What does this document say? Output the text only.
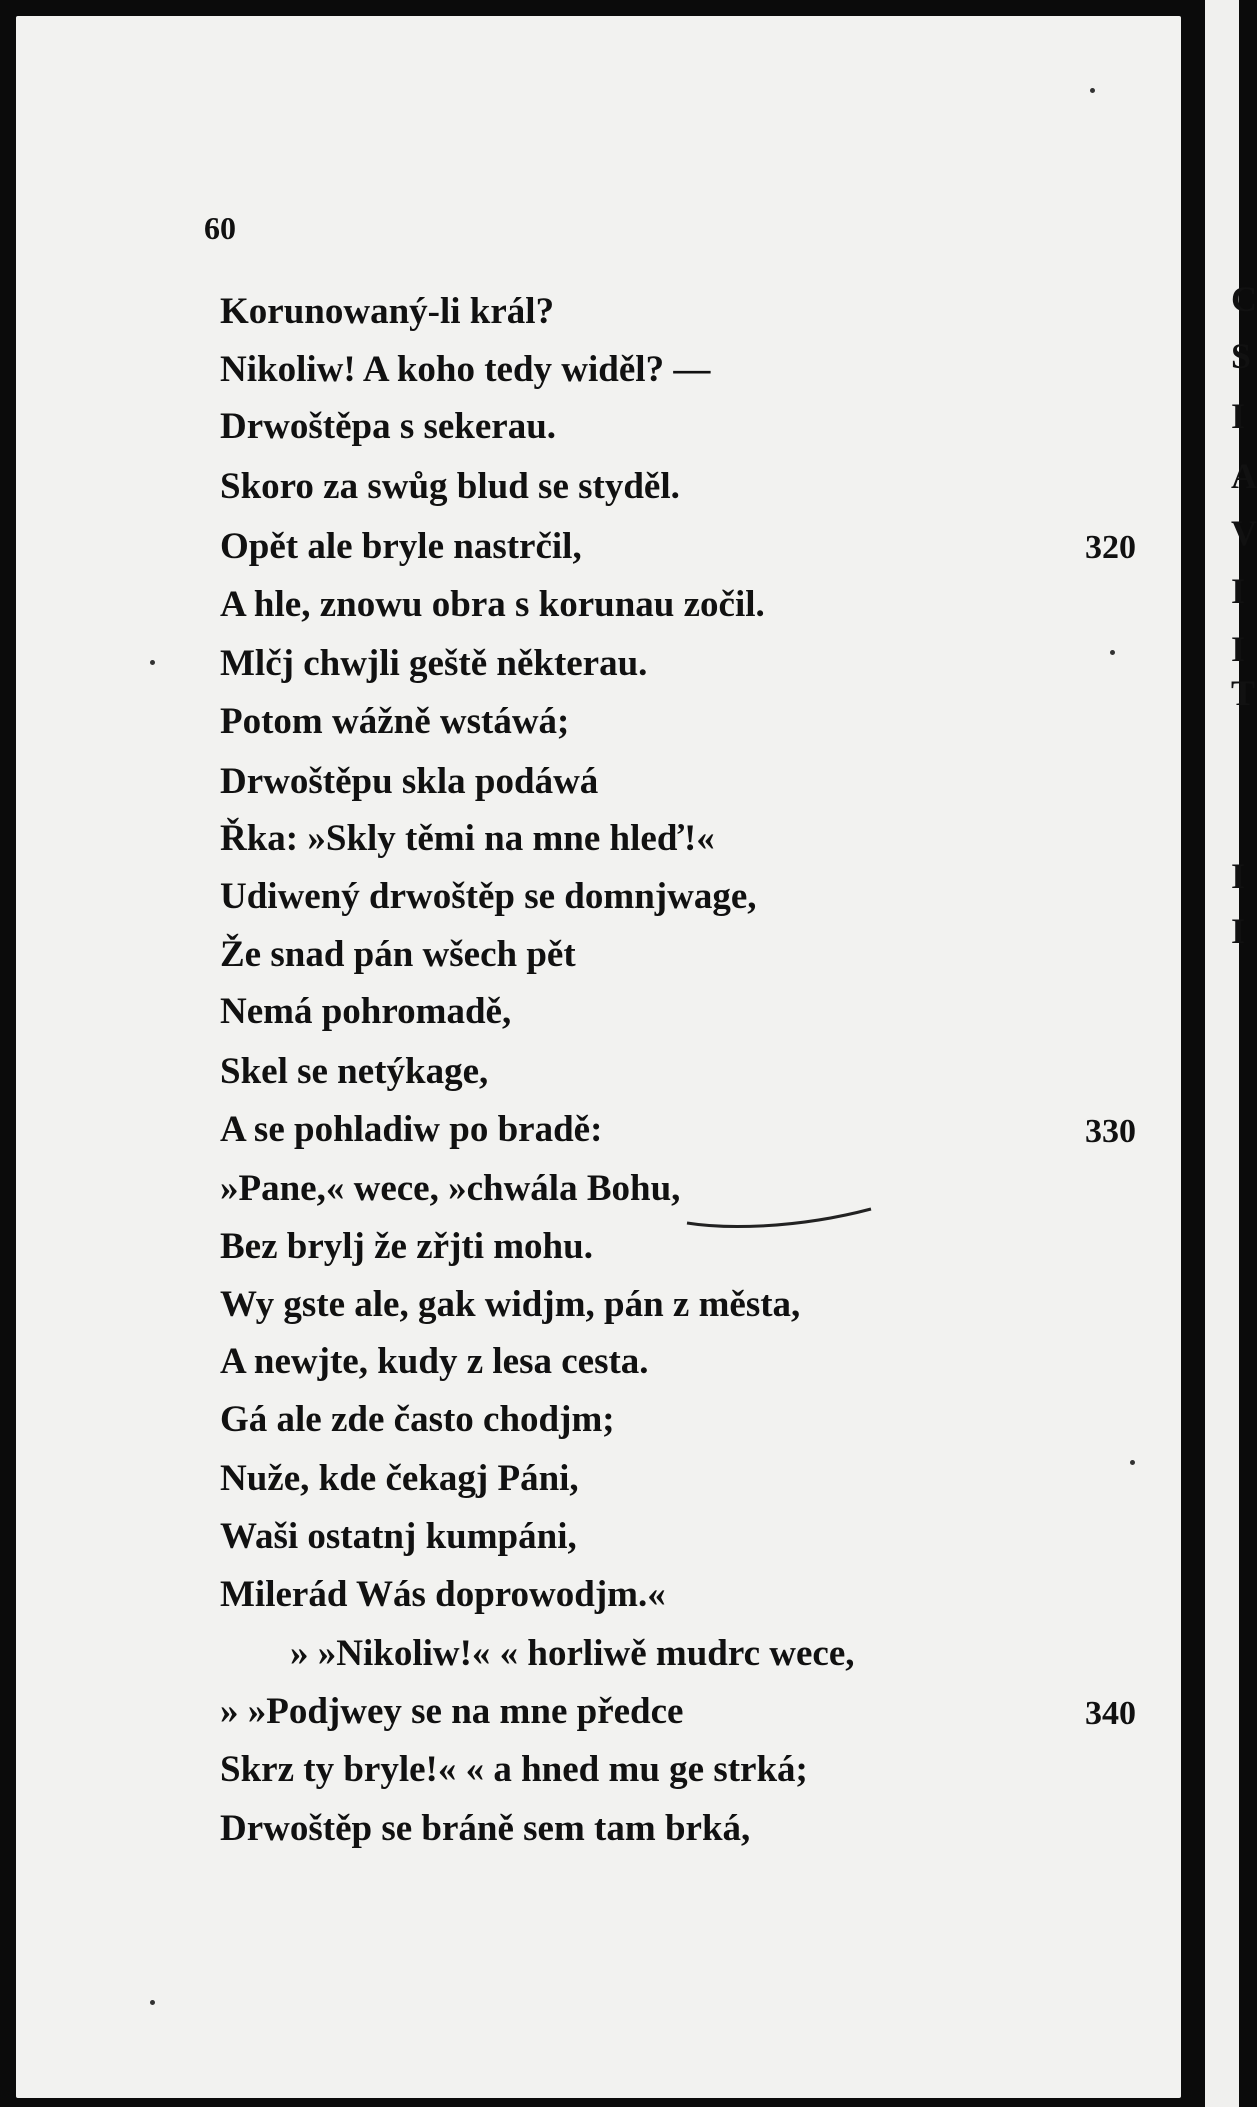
C
S
I
A
V
I
I
T
I
I
60
Korunowaný-li král?
Nikoliw! A koho tedy widěl? —
Drwoštěpa s sekerau.
Skoro za swůg blud se styděl.
Opět ale bryle nastrčil,
A hle, znowu obra s korunau zočil.
Mlčj chwjli geště některau.
Potom wážně wstáwá;
Drwoštěpu skla podáwá
Řka: »Skly těmi na mne hleď!«
Udiwený drwoštěp se domnjwage,
Že snad pán wšech pět
Nemá pohromadě,
Skel se netýkage,
A se pohladiw po bradě:
»Pane,« wece, »chwála Bohu,
Bez brylj že zřjti mohu.
Wy gste ale, gak widjm, pán z města,
A newjte, kudy z lesa cesta.
Gá ale zde často chodjm;
Nuže, kde čekagj Páni,
Waši ostatnj kumpáni,
Milerád Wás doprowodjm.«
» »Nikoliw!« « horliwě mudrc wece,
» »Podjwey se na mne předce
Skrz ty bryle!« « a hned mu ge strká;
Drwoštěp se bráně sem tam brká,
320
330
340
